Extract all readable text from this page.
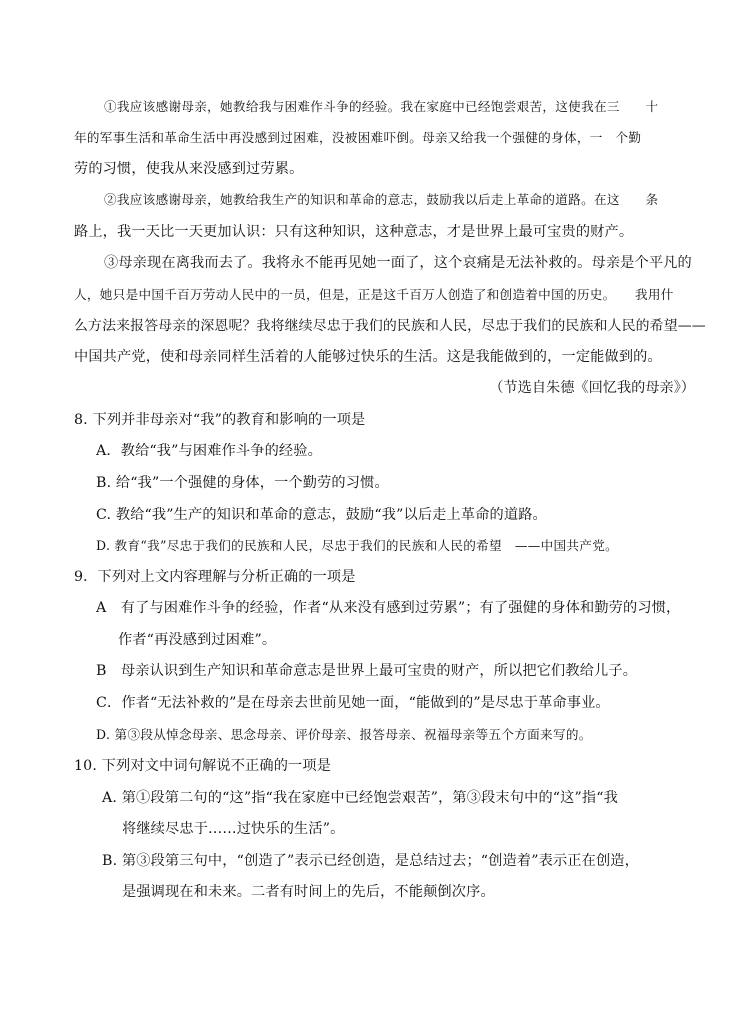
①我应该感谢母亲，她教给我与困难作斗争的经验。我在家庭中已经饱尝艰苦，这使我在三　　十
年的军事生活和革命生活中再没感到过困难，没被困难吓倒。母亲又给我一个强健的身体，一　个勤
劳的习惯，使我从来没感到过劳累。
②我应该感谢母亲，她教给我生产的知识和革命的意志，鼓励我以后走上革命的道路。在这　　条
路上，我一天比一天更加认识：只有这种知识，这种意志，才是世界上最可宝贵的财产。
③母亲现在离我而去了。我将永不能再见她一面了，这个哀痛是无法补救的。母亲是个平凡的
人，她只是中国千百万劳动人民中的一员，但是，正是这千百万人创造了和创造着中国的历史。　　我用什
么方法来报答母亲的深恩呢？我将继续尽忠于我们的民族和人民，尽忠于我们的民族和人民的希望——
中国共产党，使和母亲同样生活着的人能够过快乐的生活。这是我能做到的，一定能做到的。
（节选自朱德《回忆我的母亲》）
8. 下列并非母亲对“我”的教育和影响的一项是
A．教给“我”与困难作斗争的经验。
B. 给“我”一个强健的身体，一个勤劳的习惯。
C. 教给“我”生产的知识和革命的意志，鼓励“我”以后走上革命的道路。
D. 教育“我”尽忠于我们的民族和人民，尽忠于我们的民族和人民的希望　——中国共产党。
9．下列对上文内容理解与分析正确的一项是
A　有了与困难作斗争的经验，作者“从来没有感到过劳累”；有了强健的身体和勤劳的习惯，
作者“再没感到过困难”。
B　母亲认识到生产知识和革命意志是世界上最可宝贵的财产，所以把它们教给儿子。
C．作者“无法补救的”是在母亲去世前见她一面，“能做到的”是尽忠于革命事业。
D. 第③段从悼念母亲、思念母亲、评价母亲、报答母亲、祝福母亲等五个方面来写的。
10. 下列对文中词句解说不正确的一项是
A. 第①段第二句的“这”指“我在家庭中已经饱尝艰苦”，第③段末句中的“这”指“我
将继续尽忠于……过快乐的生活”。
B. 第③段第三句中，“创造了”表示已经创造，是总结过去；“创造着”表示正在创造，
是强调现在和未来。二者有时间上的先后，不能颠倒次序。
